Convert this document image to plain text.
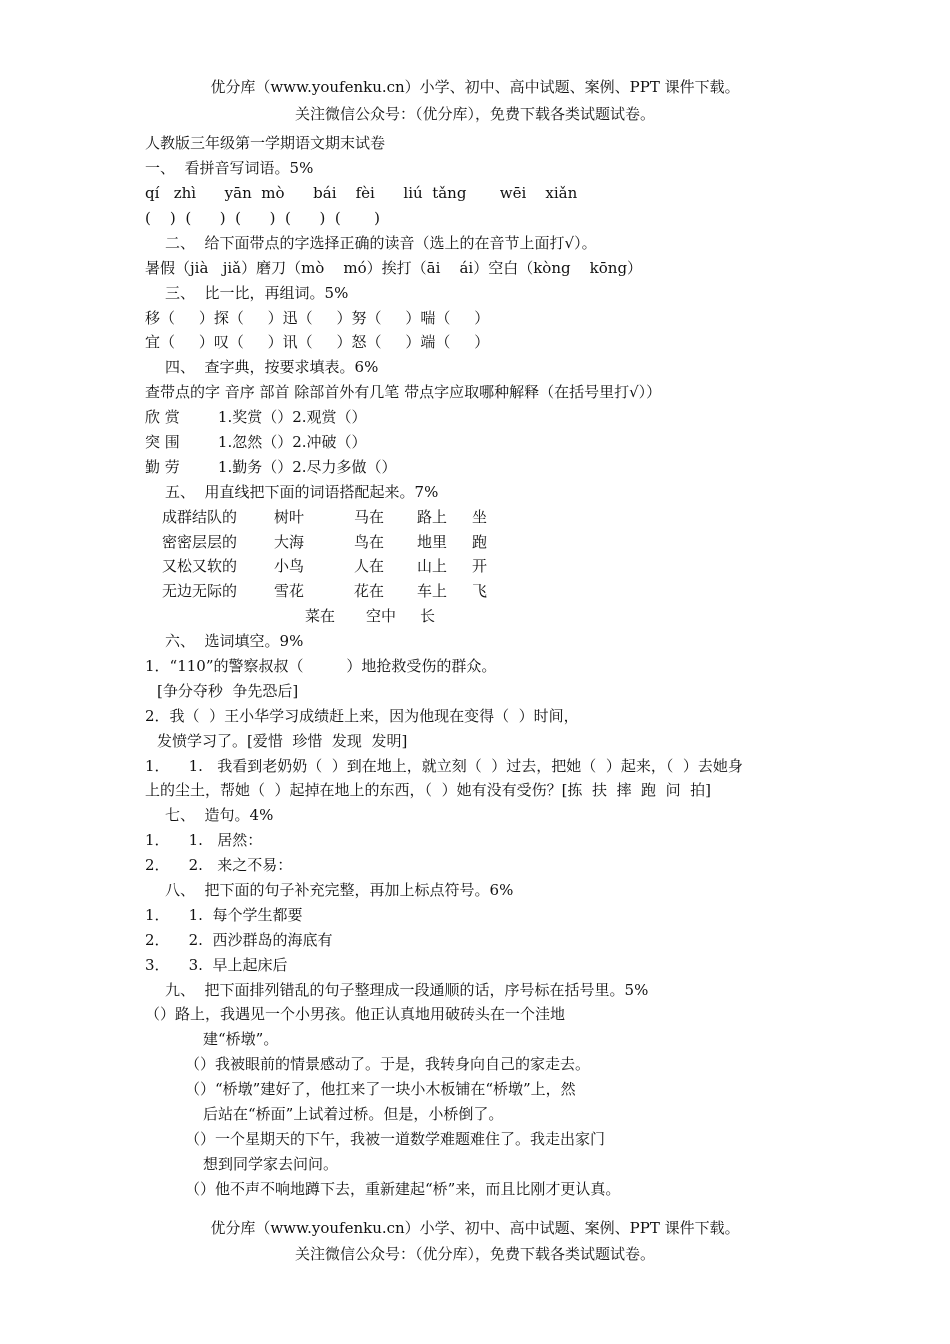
优分库（www.youfenku.cn）小学、初中、高中试题、案例、PPT 课件下载。
关注微信公众号：（优分库），免费下载各类试题试卷。
人教版三年级第一学期语文期末试卷
一、  看拼音写词语。5%
qí   zhì      yān  mò      bái    fèi      liú  tǎng       wēi    xiǎn
(    )  (      )  (      )  (      )  (       )
二、  给下面带点的字选择正确的读音（选上的在音节上面打√）。
暑假（jià   jiǎ）磨刀（mò    mó）挨打（āi    ái）空白（kòng    kōng）
三、  比一比，再组词。5%
移（     ）探（     ）迅（     ）努（     ）喘（     ）
宜（     ）叹（     ）讯（     ）怒（     ）端（     ）
四、  查字典，按要求填表。6%
查带点的字 音序 部首 除部首外有几笔 带点字应取哪种解释（在括号里打√））
欣 赏        1.奖赏（）2.观赏（）
突 围        1.忽然（）2.冲破（）
勤 劳        1.勤务（）2.尽力多做（）
五、  用直线把下面的词语搭配起来。7%
成群结队的 树叶	马在 路上 坐
密密层层的 大海	鸟在 地里 跑
又松又软的 小鸟	人在 山上 开
无边无际的 雪花	花在 车上 飞
菜在 空中 长
六、  选词填空。9%
1．“110”的警察叔叔（         ）地抢救受伤的群众。
[争分夺秒  争先恐后]
2．我（  ）王小华学习成绩赶上来，因为他现在变得（  ）时间，
发愤学习了。[爱惜  珍惜  发现  发明]
1．    1.   我看到老奶奶（  ）到在地上，就立刻（  ）过去，把她（  ）起来，（  ）去她身
上的尘土，帮她（  ）起掉在地上的东西，（  ）她有没有受伤？[拣  扶  摔  跑  问  拍]
七、  造句。4%
1．    1.   居然：
2．    2.   来之不易：
八、  把下面的句子补充完整，再加上标点符号。6%
1．    1.  每个学生都要
2．    2.  西沙群岛的海底有
3．    3.  早上起床后
九、  把下面排列错乱的句子整理成一段通顺的话，序号标在括号里。5%
（）路上，我遇见一个小男孩。他正认真地用破砖头在一个洼地
建“桥墩”。
（）我被眼前的情景感动了。于是，我转身向自己的家走去。
（）“桥墩”建好了，他扛来了一块小木板铺在“桥墩”上，然
后站在“桥面”上试着过桥。但是，小桥倒了。
（）一个星期天的下午，我被一道数学难题难住了。我走出家门
想到同学家去问问。
（）他不声不响地蹲下去，重新建起“桥”来，而且比刚才更认真。
优分库（www.youfenku.cn）小学、初中、高中试题、案例、PPT 课件下载。
关注微信公众号：（优分库），免费下载各类试题试卷。
